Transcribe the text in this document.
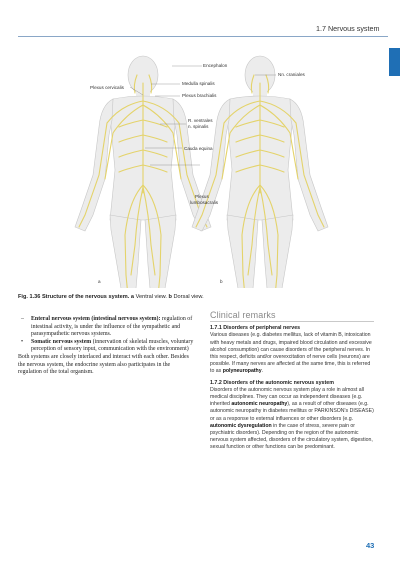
1.7 Nervous system
Encephalon
Nn. craniales
Plexus cervicalis
Medulla spinalis
Plexus brachialis
R. ventrales
n. spinalis
Cauda equina
Plexus
lumbosacralis
a	b
Fig. 1.36 Structure of the nervous system. a Ventral view. b Dorsal view.
– Enteral nervous system (intestinal nervous system): regulation of intestinal activity, is under the influence of the sympathetic and parasympathetic nervous systems.
• Somatic nervous system (innervation of skeletal muscles, voluntary perception of sensory input, communication with the environment)

Both systems are closely interlaced and interact with each other. Besides the nervous system, the endocrine system also participates in the regulation of the total organism.

Clinical remarks
1.7.1 Disorders of peripheral nerves

Various diseases (e.g. diabetes mellitus, lack of vitamin B, intoxication with heavy metals and drugs, impaired blood circulation and excessive alcohol consumption) can cause disorders of the peripheral nerves. In this respect, deficits and/or overexcitation of nerve cells (neurons) are possible. If many nerves are affected at the same time, this is referred to as polyneuropathy.

1.7.2 Disorders of the autonomic nervous system

Disorders of the autonomic nervous system play a role in almost all medical disciplines. They can occur as independent diseases (e.g. inherited autonomic neuropathy), as a result of other diseases (e.g. autonomic neuropathy in diabetes mellitus or PARKINSON's DISEASE) or as a response to external influences or other disorders (e.g. autonomic dysregulation in the case of stress, severe pain or psychiatric disorders). Depending on the region of the autonomic nervous system affected, disorders of the circulatory system, digestion, sexual function or other functions can be predominant.

43
